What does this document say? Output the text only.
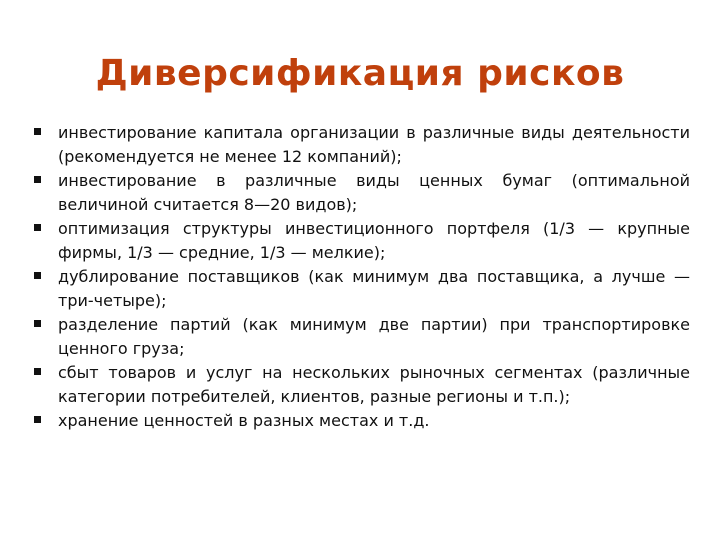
Диверсификация рисков
инвестирование капитала организации в различные виды деятельности (рекомендуется не менее 12 компаний);
инвестирование в различные виды ценных бумаг (оптимальной величиной считается 8—20 видов);
оптимизация структуры инвестиционного портфеля (1/3 — крупные фирмы, 1/3 — средние, 1/3 — мелкие);
дублирование поставщиков (как минимум два поставщика, а лучше — три-четыре);
разделение партий (как минимум две партии) при транспортировке ценного груза;
сбыт товаров и услуг на нескольких рыночных сегментах (различные категории потребителей, клиентов, разные регионы и т.п.);
хранение ценностей в разных местах и т.д.
